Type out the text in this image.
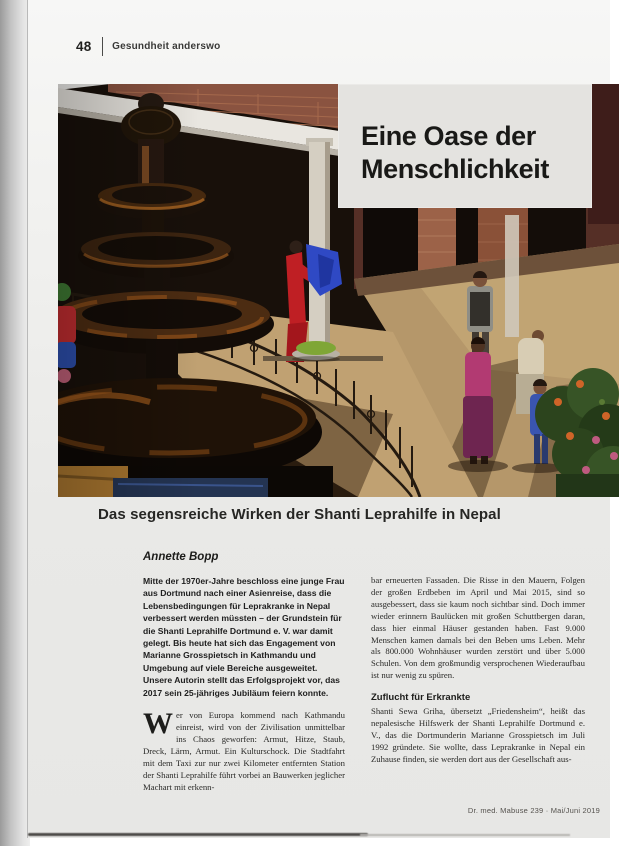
48 Gesundheit anderswo
Eine Oase der
Menschlichkeit
Das segensreiche Wirken der Shanti Leprahilfe in Nepal

Annette Bopp

Mitte der 1970er-Jahre beschloss eine junge Frau aus Dortmund nach einer Asienreise, dass die Lebensbedingungen für Leprakranke in Nepal verbessert werden müssten – der Grundstein für die Shanti Leprahilfe Dortmund e. V. war damit gelegt. Bis heute hat sich das Engagement von Marianne Grosspietsch in Kathmandu und Umgebung auf viele Bereiche ausgeweitet. Unsere Autorin stellt das Erfolgsprojekt vor, das 2017 sein 25-jähriges Jubiläum feiern konnte.

Wer von Europa kommend nach Kathmandu einreist, wird von der Zivilisation unmittelbar ins Chaos geworfen: Armut, Hitze, Staub, Dreck, Lärm, Armut. Ein Kulturschock. Die Stadtfahrt mit dem Taxi zur nur zwei Kilometer entfernten Station der Shanti Leprahilfe führt vorbei an Bauwerken jeglicher Machart mit erkenn-

bar erneuerten Fassaden. Die Risse in den Mauern, Folgen der großen Erdbeben im April und Mai 2015, sind so ausgebessert, dass sie kaum noch sichtbar sind. Doch immer wieder erinnern Baulücken mit großen Schuttbergen daran, dass hier einmal Häuser gestanden haben. Fast 9.000 Menschen kamen damals bei den Beben ums Leben. Mehr als 800.000 Wohnhäuser wurden zerstört und über 5.000 Schulen. Von dem großmundig versprochenen Wiederaufbau ist nur wenig zu spüren.

Zuflucht für Erkrankte

Shanti Sewa Griha, übersetzt „Friedensheim“, heißt das nepalesische Hilfswerk der Shanti Leprahilfe Dortmund e. V., das die Dortmunderin Marianne Grosspietsch im Juli 1992 gründete. Sie wollte, dass Leprakranke in Nepal ein Zuhause finden, sie werden dort aus der Gesellschaft aus-

Dr. med. Mabuse 239 · Mai/Juni 2019
